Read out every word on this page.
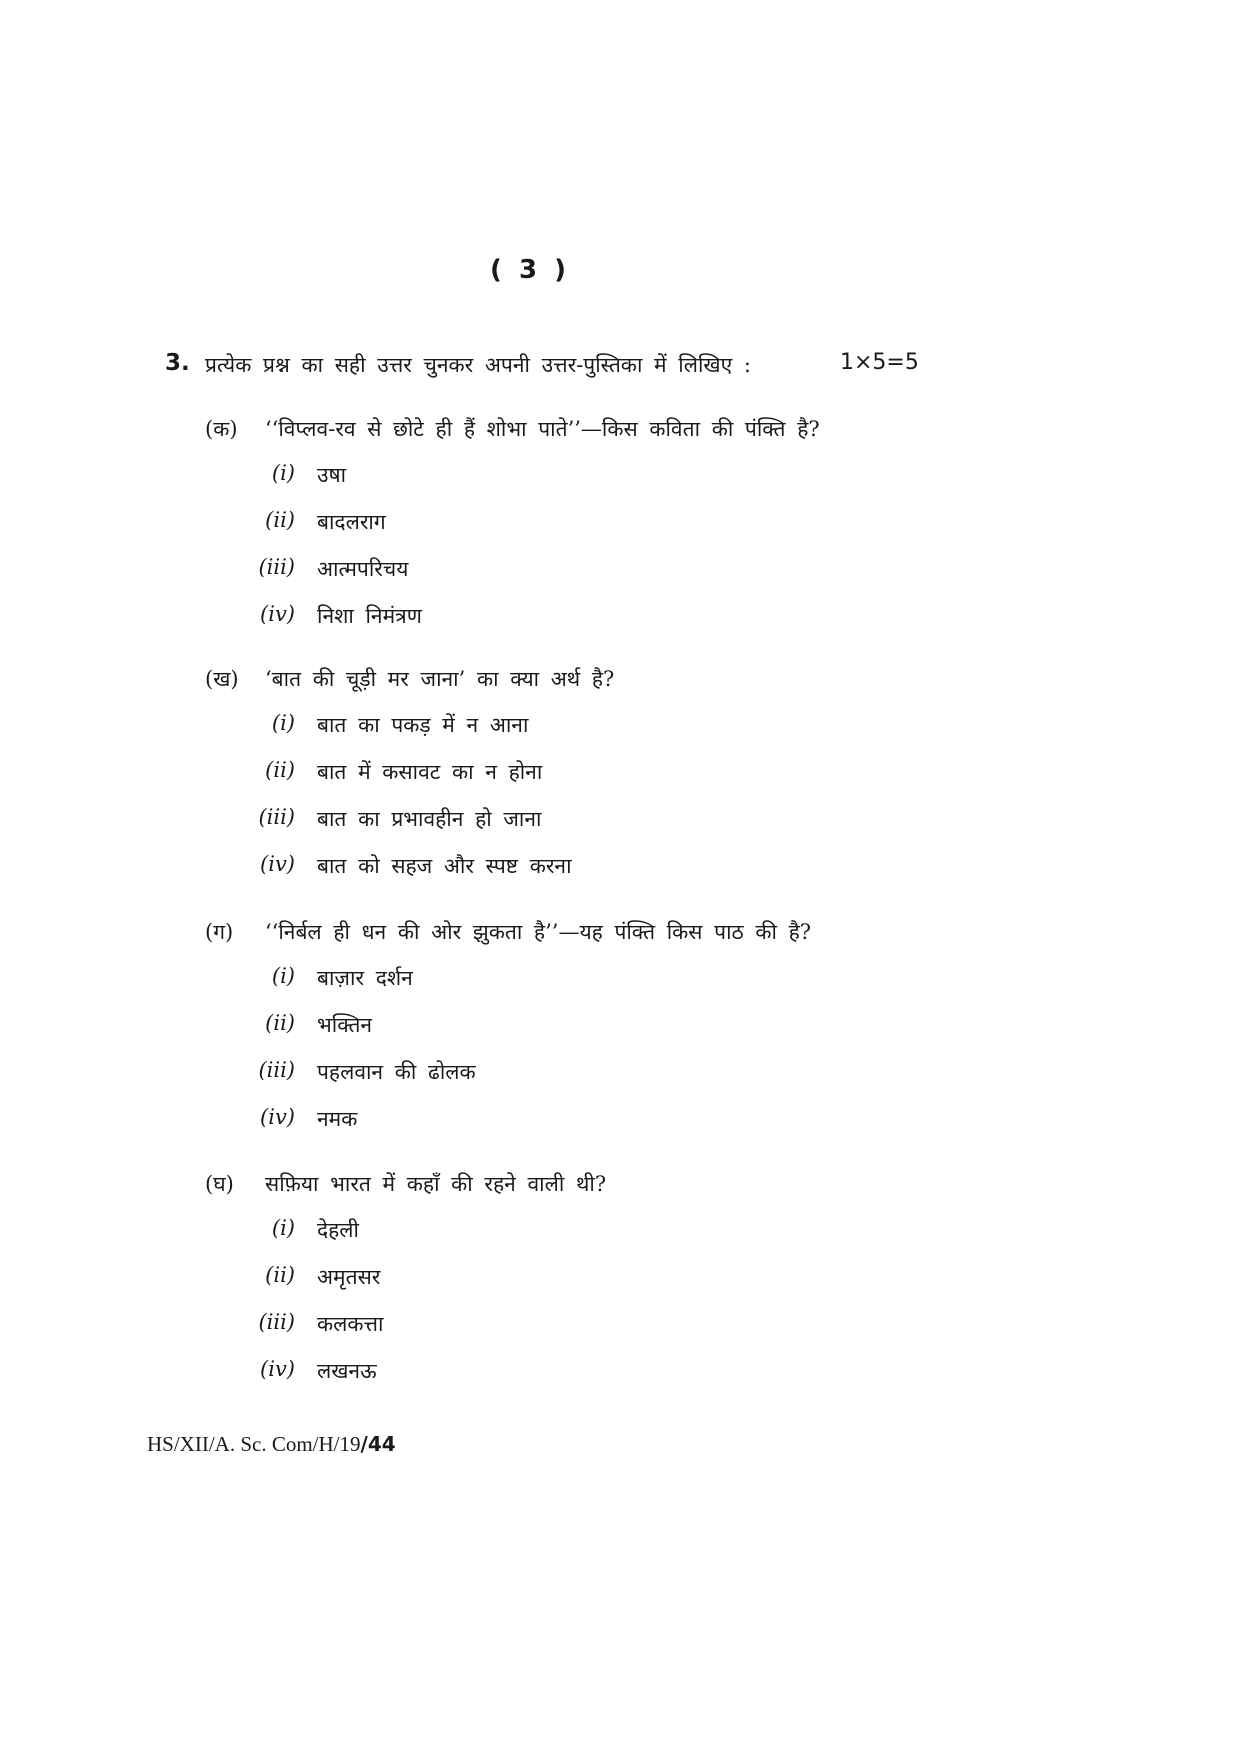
( 3 )
3. प्रत्येक प्रश्न का सही उत्तर चुनकर अपनी उत्तर-पुस्तिका में लिखिए :	1×5=5
(क) ‘‘विप्लव-रव से छोटे ही हैं शोभा पाते’’—किस कविता की पंक्ति है?
(i) उषा
(ii) बादलराग
(iii) आत्मपरिचय
(iv) निशा निमंत्रण
(ख) ‘बात की चूड़ी मर जाना’ का क्या अर्थ है?
(i) बात का पकड़ में न आना
(ii) बात में कसावट का न होना
(iii) बात का प्रभावहीन हो जाना
(iv) बात को सहज और स्पष्ट करना
(ग) ‘‘निर्बल ही धन की ओर झुकता है’’—यह पंक्ति किस पाठ की है?
(i) बाज़ार दर्शन
(ii) भक्तिन
(iii) पहलवान की ढोलक
(iv) नमक
(घ) सफ़िया भारत में कहाँ की रहने वाली थी?
(i) देहली
(ii) अमृतसर
(iii) कलकत्ता
(iv) लखनऊ
HS/XII/A. Sc. Com/H/19/44
